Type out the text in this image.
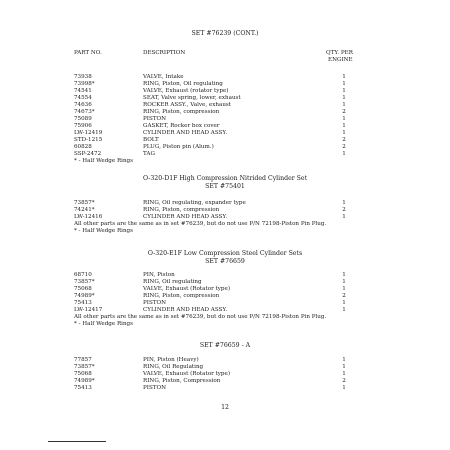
SET #76239 (CONT.)
PART NO.	DESCRIPTION	QTY. PER
ENGINE
73938	VALVE, Intake	1
73998*	RING, Piston, Oil regulating	1
74541	VALVE, Exhaust (rotator type)	1
74554	SEAT, Valve spring, lower, exhaust	1
74636	ROCKER ASSY., Valve, exhaust	1
74673*	RING, Piston, compression	2
75089	PISTON	1
75906	GASKET, Rocker box cover	1
LW-12419	CYLINDER AND HEAD ASSY.	1
STD-1215	BOLT	2
60828	PLUG, Piston pin (Alum.)	2
SSP-2472	TAG	1
* - Half Wedge Rings
O-320-D1F High Compression Nitrided Cylinder Set
SET #75401
73857*	RING, Oil regulating, expander type	1
74241*	RING, Piston, compression	2
LW-12416	CYLINDER AND HEAD ASSY.	1
All other parts are the same as in set #76239, but do not use P/N 72198-Piston Pin Plug.
* - Half Wedge Rings
O-320-E1F Low Compression Steel Cylinder Sets
SET #76659
68710	PIN, Piston	1
73857*	RING, Oil regulating	1
75068	VALVE, Exhaust (Rotator type)	1
74989*	RING, Piston, compression	2
75413	PISTON	1
LW-12417	CYLINDER AND HEAD ASSY.	1
All other parts are the same as in set #76239, but do not use P/N 72198-Piston Pin Plug.
* - Half Wedge Rings
SET #76659 - A
77857	PIN, Piston (Heavy)	1
73857*	RING, Oil Regulating	1
75068	VALVE, Exhaust (Rotator type)	1
74989*	RING, Piston, Compression	2
75413	PISTON	1
12
